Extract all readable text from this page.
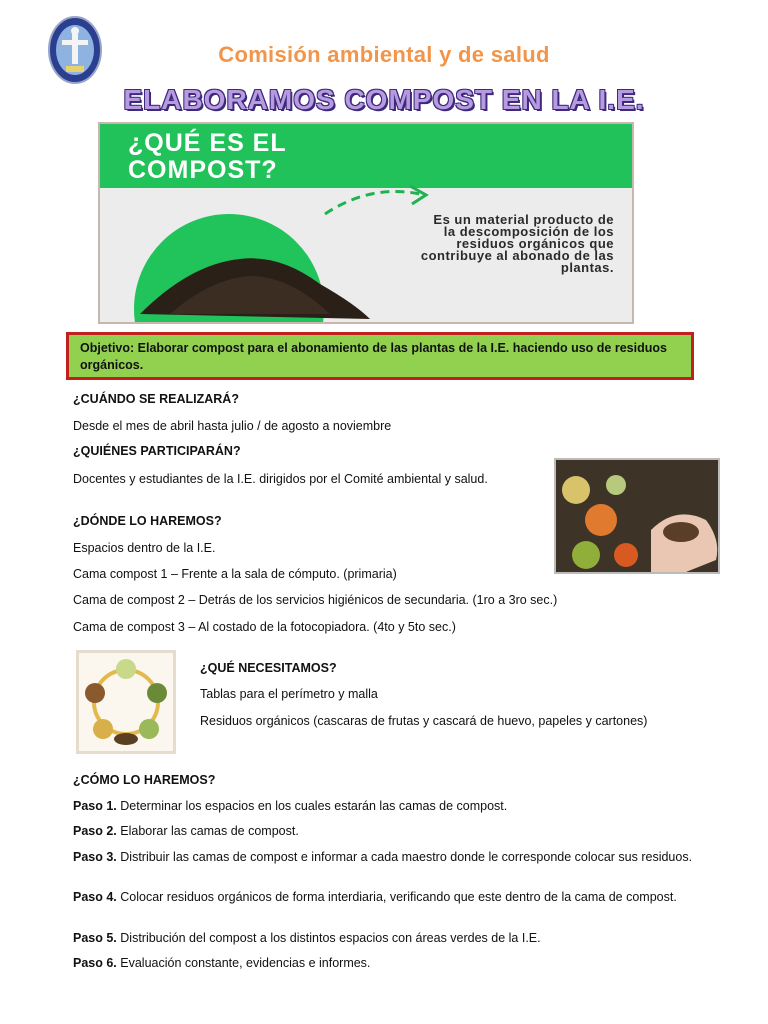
Comisión ambiental y de salud
ELABORAMOS COMPOST EN LA I.E.
¿QUÉ ES EL
COMPOST?
Es un material producto de la descomposición de los residuos orgánicos que contribuye al abonado de las plantas.
Objetivo: Elaborar compost para el abonamiento de las plantas de la I.E. haciendo uso de residuos orgánicos.
¿CUÁNDO SE REALIZARÁ?
Desde el mes de abril hasta julio / de agosto a noviembre
¿QUIÉNES PARTICIPARÁN?
Docentes y estudiantes de la I.E. dirigidos por el Comité ambiental y salud.
¿DÓNDE LO HAREMOS?
Espacios dentro de la I.E.
Cama compost 1 – Frente a la sala de cómputo. (primaria)
Cama de compost 2 – Detrás de los servicios higiénicos de secundaria. (1ro a 3ro sec.)
Cama de compost 3 – Al costado de la fotocopiadora. (4to y 5to sec.)
¿QUÉ NECESITAMOS?
Tablas para el perímetro y malla
Residuos orgánicos (cascaras de frutas y cascará de huevo, papeles y cartones)
¿CÓMO LO HAREMOS?
Paso 1. Determinar los espacios en los cuales estarán las camas de compost.
Paso 2. Elaborar las camas de compost.
Paso 3. Distribuir las camas de compost e informar a cada maestro donde le corresponde colocar sus residuos.
Paso 4. Colocar residuos orgánicos de forma interdiaria, verificando que este dentro de la cama de compost.
Paso 5. Distribución del compost a los distintos espacios con áreas verdes de la I.E.
Paso 6. Evaluación constante, evidencias e informes.
